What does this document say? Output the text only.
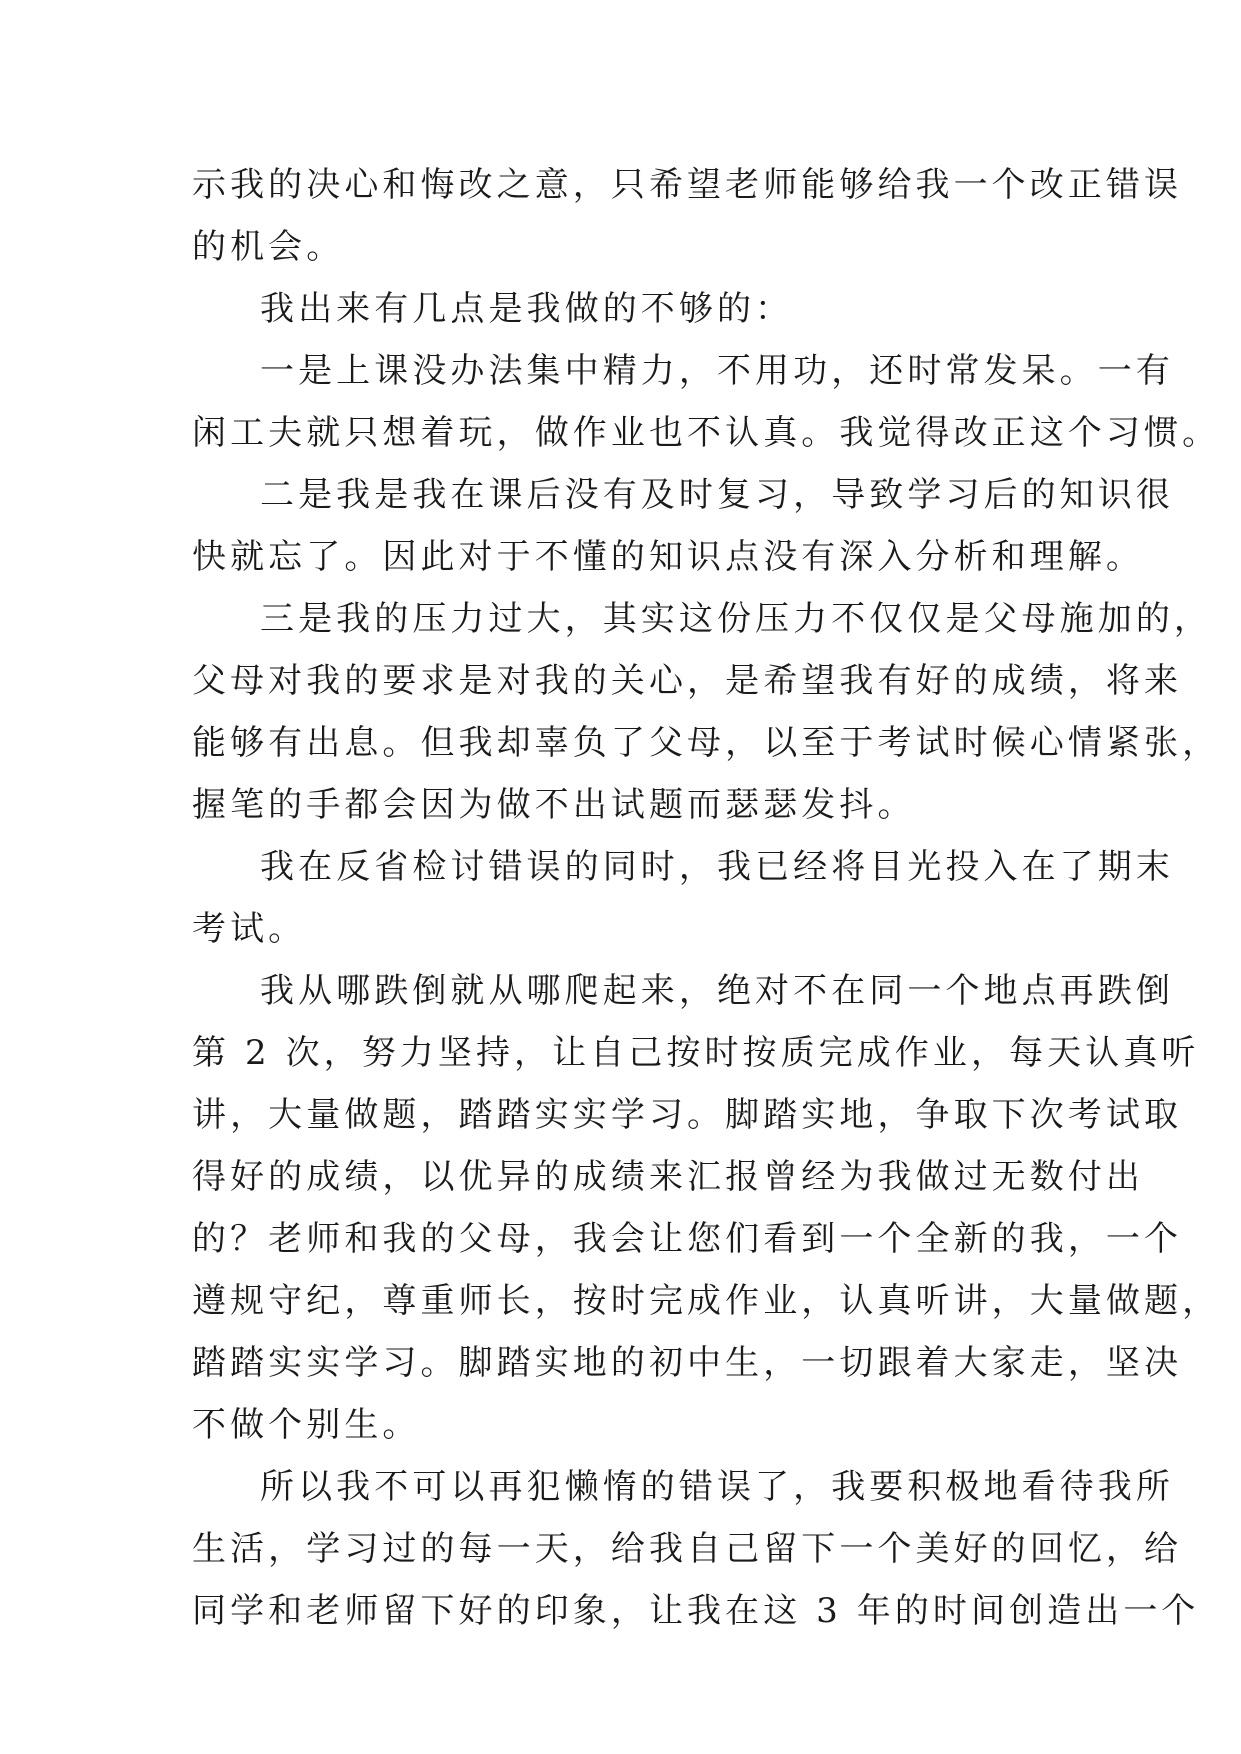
示我的决心和悔改之意，只希望老师能够给我一个改正错误
的机会。
我出来有几点是我做的不够的：
一是上课没办法集中精力，不用功，还时常发呆。一有
闲工夫就只想着玩，做作业也不认真。我觉得改正这个习惯。
二是我是我在课后没有及时复习，导致学习后的知识很
快就忘了。因此对于不懂的知识点没有深入分析和理解。
三是我的压力过大，其实这份压力不仅仅是父母施加的，
父母对我的要求是对我的关心，是希望我有好的成绩，将来
能够有出息。但我却辜负了父母，以至于考试时候心情紧张，
握笔的手都会因为做不出试题而瑟瑟发抖。
我在反省检讨错误的同时，我已经将目光投入在了期末
考试。
我从哪跌倒就从哪爬起来，绝对不在同一个地点再跌倒
第 2 次，努力坚持，让自己按时按质完成作业，每天认真听
讲，大量做题，踏踏实实学习。脚踏实地，争取下次考试取
得好的成绩，以优异的成绩来汇报曾经为我做过无数付出
的？老师和我的父母，我会让您们看到一个全新的我，一个
遵规守纪，尊重师长，按时完成作业，认真听讲，大量做题，
踏踏实实学习。脚踏实地的初中生，一切跟着大家走，坚决
不做个别生。
所以我不可以再犯懒惰的错误了，我要积极地看待我所
生活，学习过的每一天，给我自己留下一个美好的回忆，给
同学和老师留下好的印象，让我在这 3 年的时间创造出一个
